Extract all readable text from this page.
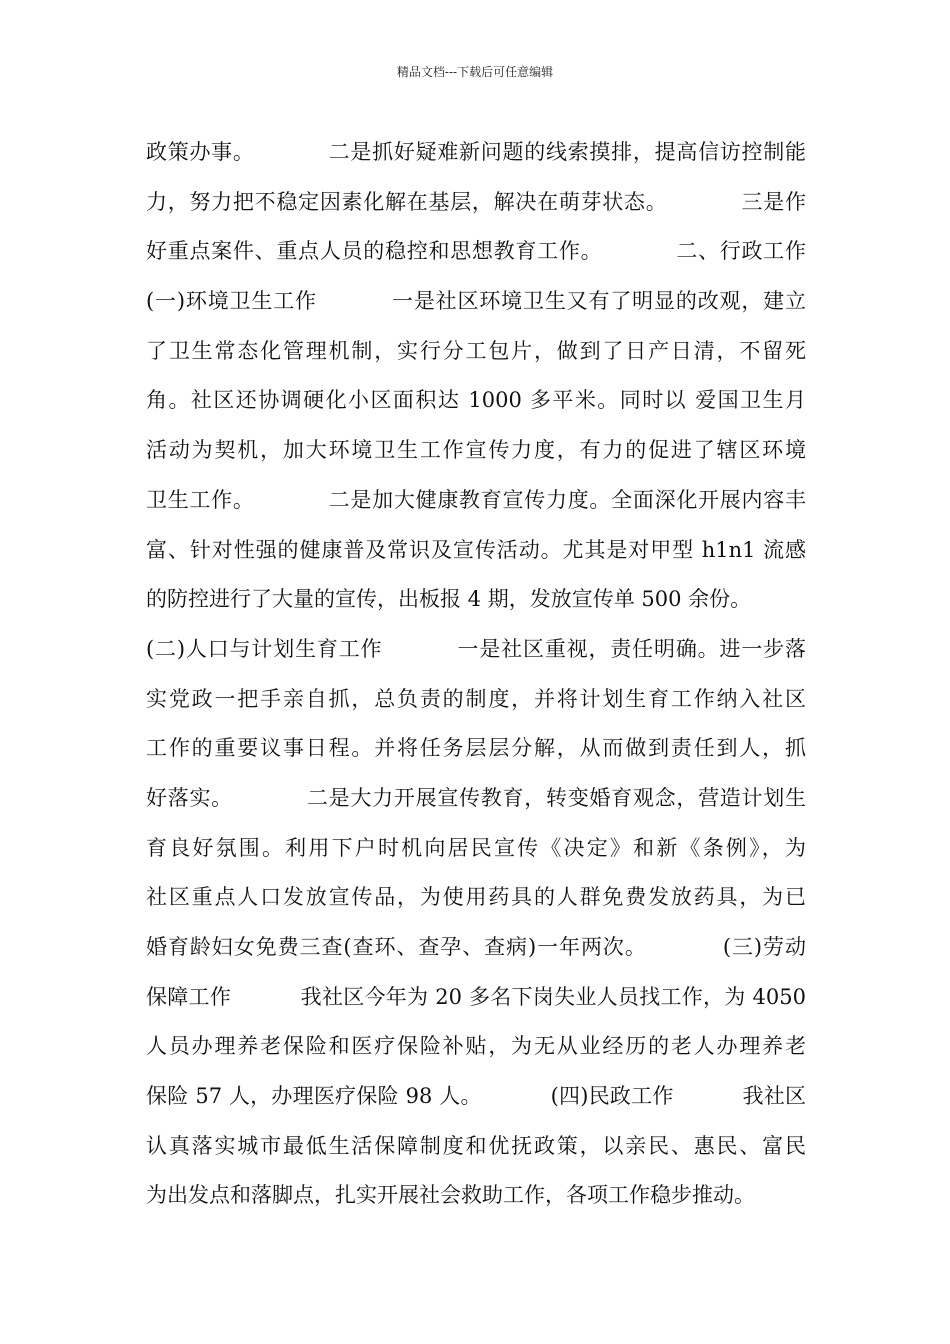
精品文档---下载后可任意编辑
政策办事。          二是抓好疑难新问题的线索摸排，提高信访控制能
力，努力把不稳定因素化解在基层，解决在萌芽状态。          三是作
好重点案件、重点人员的稳控和思想教育工作。          二、行政工作
(一)环境卫生工作          一是社区环境卫生又有了明显的改观，建立
了卫生常态化管理机制，实行分工包片，做到了日产日清，不留死
角。社区还协调硬化小区面积达 1000 多平米。同时以 爱国卫生月
活动为契机，加大环境卫生工作宣传力度，有力的促进了辖区环境
卫生工作。          二是加大健康教育宣传力度。全面深化开展内容丰
富、针对性强的健康普及常识及宣传活动。尤其是对甲型 h1n1 流感
的防控进行了大量的宣传，出板报 4 期，发放宣传单 500 余份。
(二)人口与计划生育工作          一是社区重视，责任明确。进一步落
实党政一把手亲自抓，总负责的制度，并将计划生育工作纳入社区
工作的重要议事日程。并将任务层层分解，从而做到责任到人，抓
好落实。          二是大力开展宣传教育，转变婚育观念，营造计划生
育良好氛围。利用下户时机向居民宣传《决定》和新《条例》，为
社区重点人口发放宣传品，为使用药具的人群免费发放药具，为已
婚育龄妇女免费三查(查环、查孕、查病)一年两次。          (三)劳动
保障工作          我社区今年为 20 多名下岗失业人员找工作，为 4050
人员办理养老保险和医疗保险补贴，为无从业经历的老人办理养老
保险 57 人，办理医疗保险 98 人。          (四)民政工作          我社区
认真落实城市最低生活保障制度和优抚政策，以亲民、惠民、富民
为出发点和落脚点，扎实开展社会救助工作，各项工作稳步推动。
